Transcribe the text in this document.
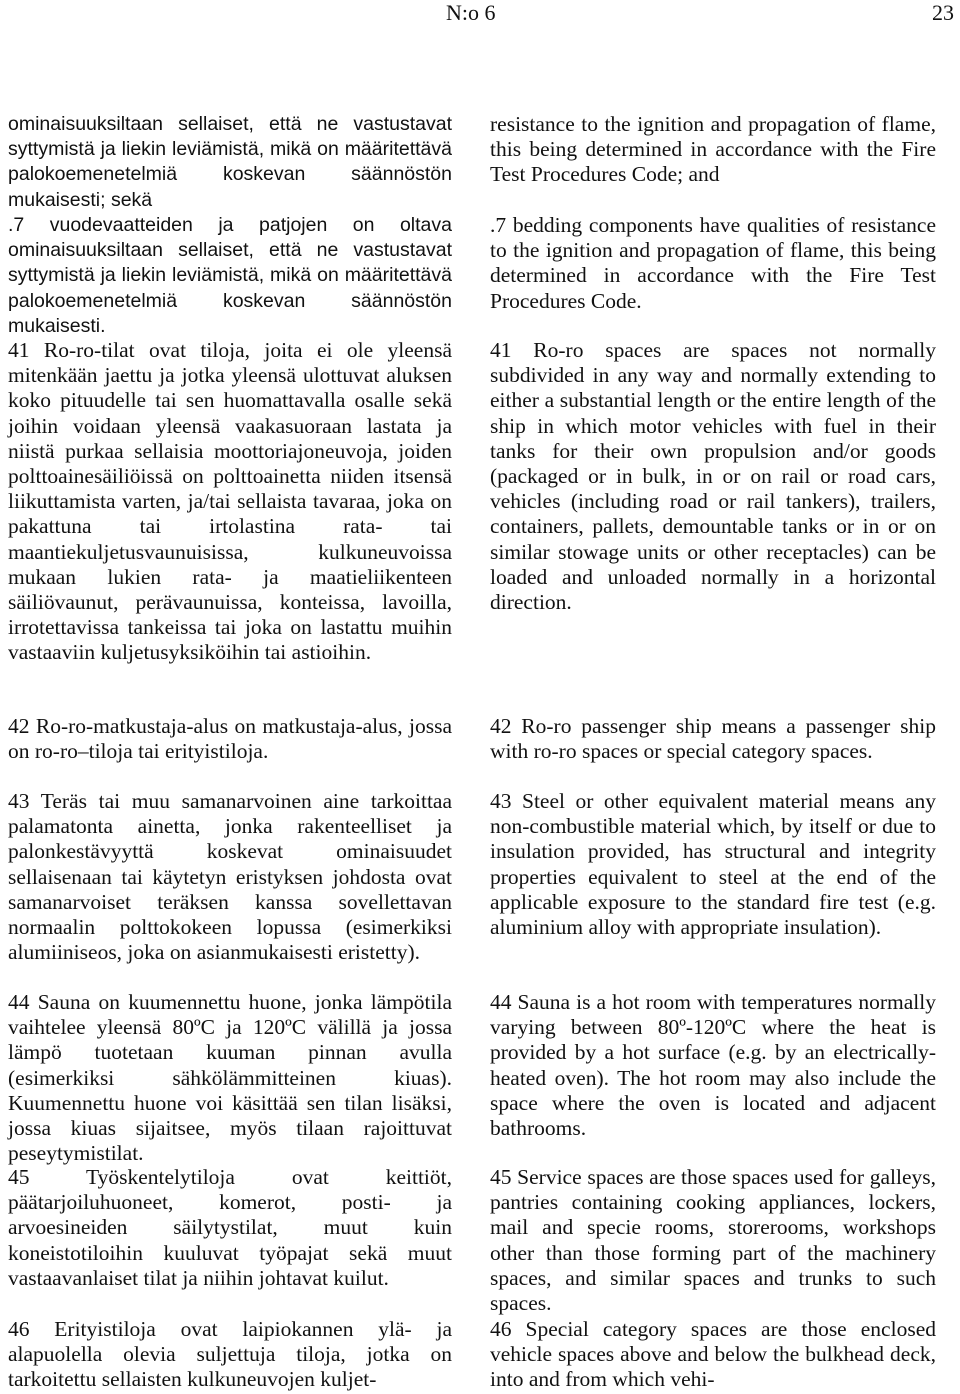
N:o 6	23

ominaisuuksiltaan sellaiset, että ne vastustavat syttymistä ja liekin leviämistä, mikä on määritettävä palokoemenetelmiä koskevan säännöstön mukaisesti; sekä

.7 vuodevaatteiden ja patjojen on oltava ominaisuuksiltaan sellaiset, että ne vastustavat syttymistä ja liekin leviämistä, mikä on määritettävä palokoemenetelmiä koskevan säännöstön mukaisesti.

41 Ro-ro-tilat ovat tiloja, joita ei ole yleensä mitenkään jaettu ja jotka yleensä ulottuvat aluksen koko pituudelle tai sen huomattavalla osalle sekä joihin voidaan yleensä vaakasuoraan lastata ja niistä purkaa sellaisia moottoriajoneuvoja, joiden polttoainesäiliöissä on polttoainetta niiden itsensä liikuttamista varten, ja/tai sellaista tavaraa, joka on pakattuna tai irtolastina rata- tai maantiekuljetusvaunuisissa, kulkuneuvoissa mukaan lukien rata- ja maatieliikenteen säiliövaunut, perävaunuissa, konteissa, lavoilla, irrotettavissa tankeissa tai joka on lastattu muihin vastaaviin kuljetusyksiköihin tai astioihin.

42 Ro-ro-matkustaja-alus on matkustaja-alus, jossa on ro-ro–tiloja tai erityistiloja.

43 Teräs tai muu samanarvoinen aine tarkoittaa palamatonta ainetta, jonka rakenteelliset ja palonkestävyyttä koskevat ominaisuudet sellaisenaan tai käytetyn eristyksen johdosta ovat samanarvoiset teräksen kanssa sovellettavan normaalin polttokokeen lopussa (esimerkiksi alumiiniseos, joka on asianmukaisesti eristetty).

44 Sauna on kuumennettu huone, jonka lämpötila vaihtelee yleensä 80ºC ja 120ºC välillä ja jossa lämpö tuotetaan kuuman pinnan avulla (esimerkiksi sähkölämmitteinen kiuas). Kuumennettu huone voi käsittää sen tilan lisäksi, jossa kiuas sijaitsee, myös tilaan rajoittuvat peseytymistilat.

45 Työskentelytiloja ovat keittiöt, päätarjoiluhuoneet, komerot, posti- ja arvoesineiden säilytystilat, muut kuin koneistotiloihin kuuluvat työpajat sekä muut vastaavanlaiset tilat ja niihin johtavat kuilut.

46 Erityistiloja ovat laipiokannen ylä- ja alapuolella olevia suljettuja tiloja, jotka on tarkoitettu sellaisten kulkuneuvojen kuljet-

resistance to the ignition and propagation of flame, this being determined in accordance with the Fire Test Procedures Code; and

.7 bedding components have qualities of resistance to the ignition and propagation of flame, this being determined in accordance with the Fire Test Procedures Code.

41 Ro-ro spaces are spaces not normally subdivided in any way and normally extending to either a substantial length or the entire length of the ship in which motor vehicles with fuel in their tanks for their own propulsion and/or goods (packaged or in bulk, in or on rail or road cars, vehicles (including road or rail tankers), trailers, containers, pallets, demountable tanks or in or on similar stowage units or other receptacles) can be loaded and unloaded normally in a horizontal direction.

42 Ro-ro passenger ship means a passenger ship with ro-ro spaces or special category spaces.

43 Steel or other equivalent material means any non-combustible material which, by itself or due to insulation provided, has structural and integrity properties equivalent to steel at the end of the applicable exposure to the standard fire test (e.g. aluminium alloy with appropriate insulation).

44 Sauna is a hot room with temperatures normally varying between 80º-120ºC where the heat is provided by a hot surface (e.g. by an electrically-heated oven). The hot room may also include the space where the oven is located and adjacent bathrooms.

45 Service spaces are those spaces used for galleys, pantries containing cooking appliances, lockers, mail and specie rooms, storerooms, workshops other than those forming part of the machinery spaces, and similar spaces and trunks to such spaces.

46 Special category spaces are those enclosed vehicle spaces above and below the bulkhead deck, into and from which vehi-
